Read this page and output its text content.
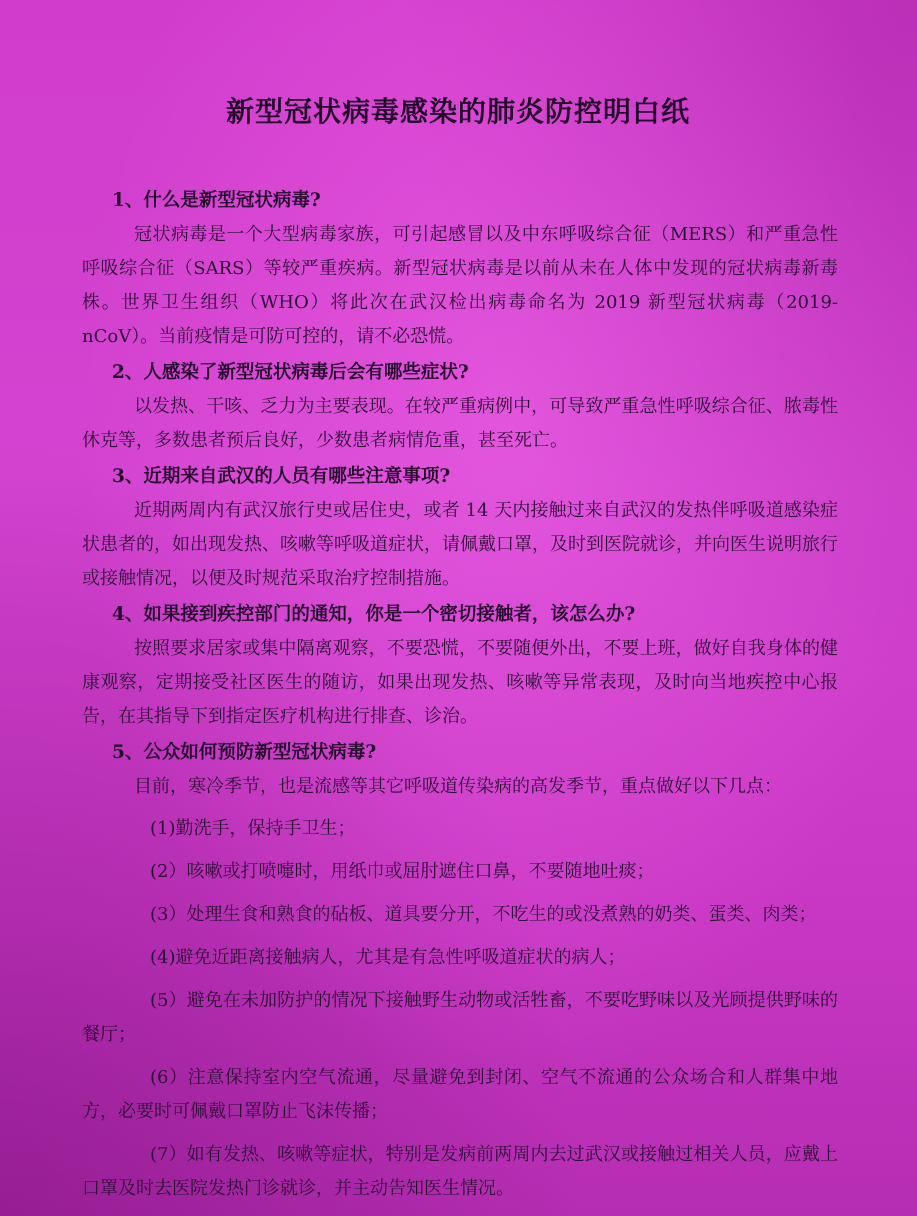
新型冠状病毒感染的肺炎防控明白纸
1、什么是新型冠状病毒?
冠状病毒是一个大型病毒家族，可引起感冒以及中东呼吸综合征（MERS）和严重急性呼吸综合征（SARS）等较严重疾病。新型冠状病毒是以前从未在人体中发现的冠状病毒新毒株。世界卫生组织（WHO）将此次在武汉检出病毒命名为 2019 新型冠状病毒（2019-nCoV）。当前疫情是可防可控的，请不必恐慌。
2、人感染了新型冠状病毒后会有哪些症状?
以发热、干咳、乏力为主要表现。在较严重病例中，可导致严重急性呼吸综合征、脓毒性休克等，多数患者预后良好，少数患者病情危重，甚至死亡。
3、近期来自武汉的人员有哪些注意事项?
近期两周内有武汉旅行史或居住史，或者 14 天内接触过来自武汉的发热伴呼吸道感染症状患者的，如出现发热、咳嗽等呼吸道症状，请佩戴口罩，及时到医院就诊，并向医生说明旅行或接触情况，以便及时规范采取治疗控制措施。
4、如果接到疾控部门的通知，你是一个密切接触者，该怎么办?
按照要求居家或集中隔离观察，不要恐慌，不要随便外出，不要上班，做好自我身体的健康观察，定期接受社区医生的随访，如果出现发热、咳嗽等异常表现，及时向当地疾控中心报告，在其指导下到指定医疗机构进行排查、诊治。
5、公众如何预防新型冠状病毒?
目前，寒冷季节，也是流感等其它呼吸道传染病的高发季节，重点做好以下几点：
(1)勤洗手，保持手卫生；
(2）咳嗽或打喷嚏时，用纸巾或屈肘遮住口鼻，不要随地吐痰；
(3）处理生食和熟食的砧板、道具要分开，不吃生的或没煮熟的奶类、蛋类、肉类；
(4)避免近距离接触病人，尤其是有急性呼吸道症状的病人；
(5）避免在未加防护的情况下接触野生动物或活牲畜，不要吃野味以及光顾提供野味的餐厅；
(6）注意保持室内空气流通，尽量避免到封闭、空气不流通的公众场合和人群集中地方，必要时可佩戴口罩防止飞沫传播；
(7）如有发热、咳嗽等症状，特别是发病前两周内去过武汉或接触过相关人员，应戴上口罩及时去医院发热门诊就诊，并主动告知医生情况。
